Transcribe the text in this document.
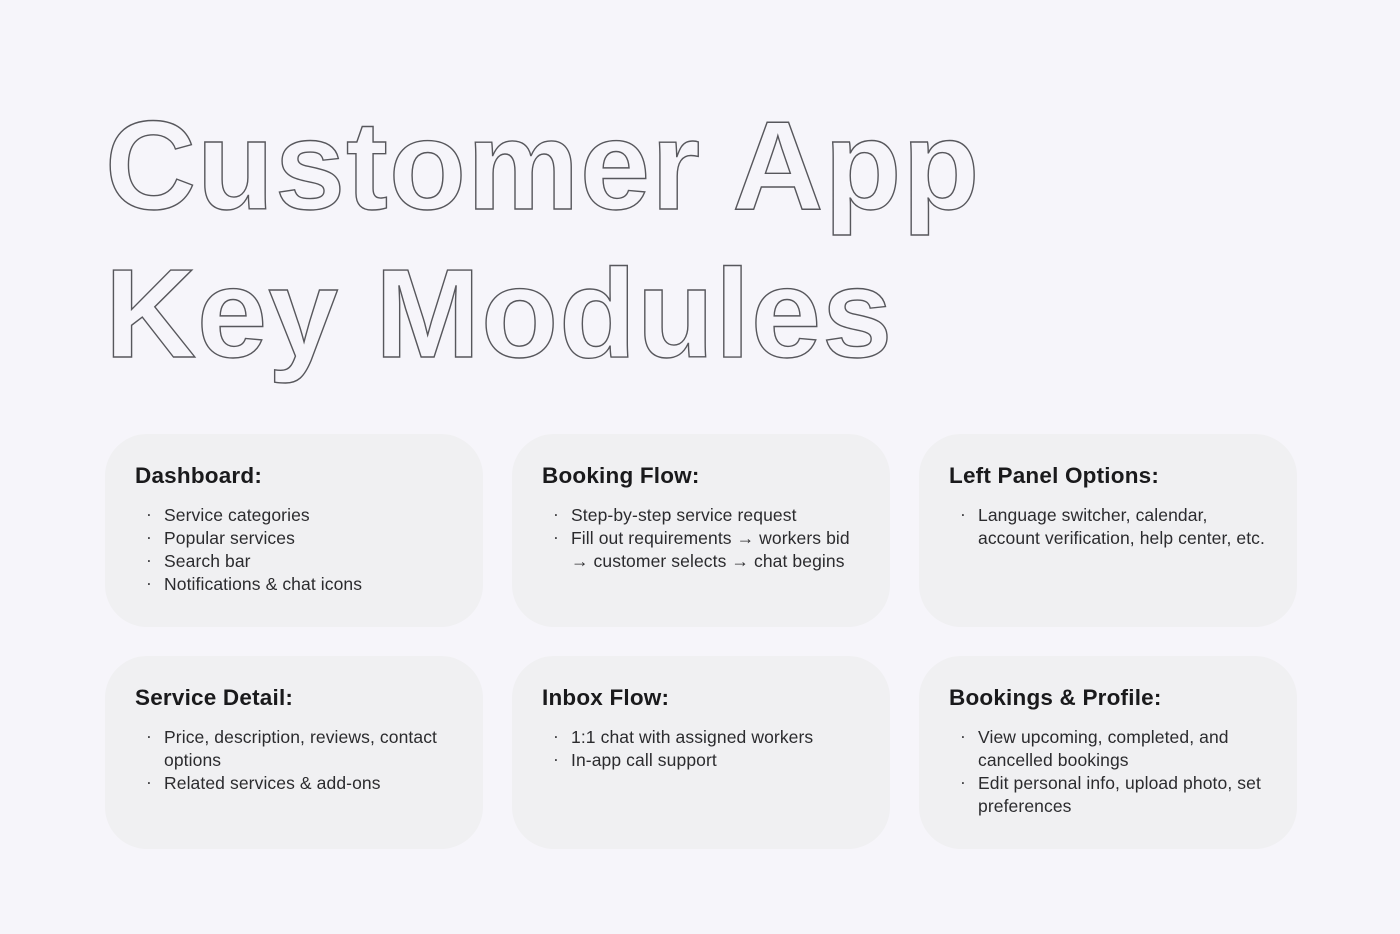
Customer App
Key Modules
Dashboard:
· Service categories
· Popular services
· Search bar
· Notifications & chat icons
Booking Flow:
· Step-by-step service request
· Fill out requirements → workers bid → customer selects → chat begins
Left Panel Options:
· Language switcher, calendar, account verification, help center, etc.
Service Detail:
· Price, description, reviews, contact options
· Related services & add-ons
Inbox Flow:
· 1:1 chat with assigned workers
· In-app call support
Bookings & Profile:
· View upcoming, completed, and cancelled bookings
· Edit personal info, upload photo, set preferences
